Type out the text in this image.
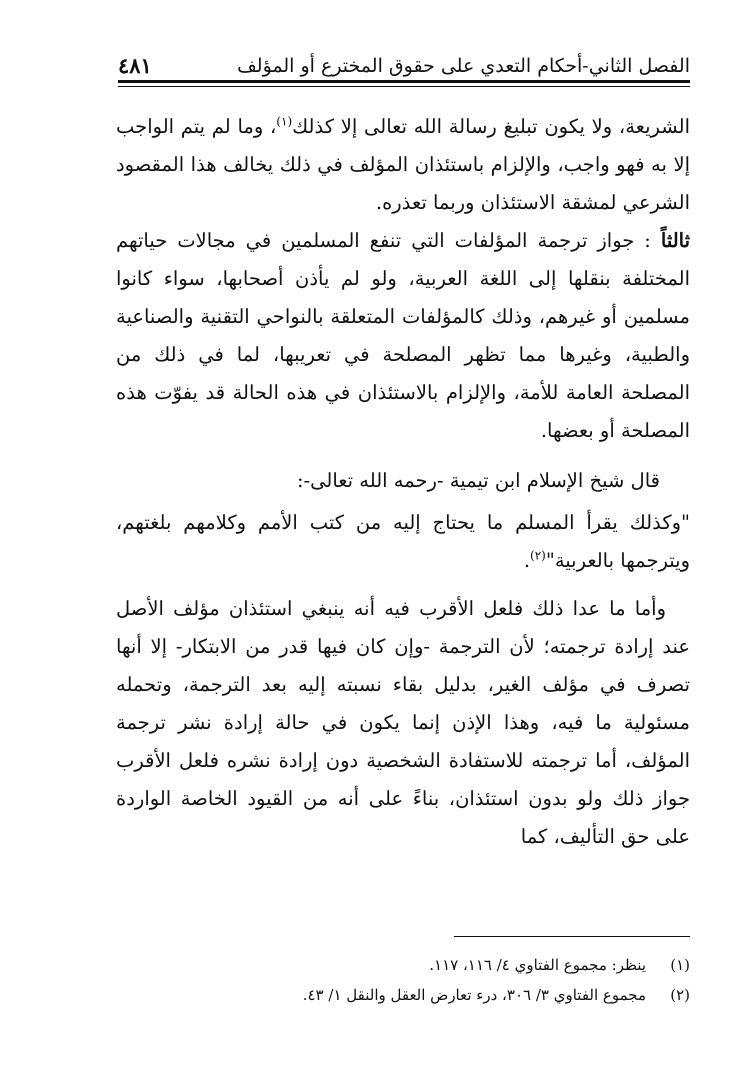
الفصل الثاني-أحكام التعدي على حقوق المخترع أو المؤلف
٤٨١

الشريعة، ولا يكون تبليغ رسالة الله تعالى إلا كذلك$^{(١)}$، وما لم يتم الواجب إلا به فهو واجب، والإلزام باستئذان المؤلف في ذلك يخالف هذا المقصود الشرعي لمشقة الاستئذان وربما تعذره.

ثالثاً : جواز ترجمة المؤلفات التي تنفع المسلمين في مجالات حياتهم المختلفة بنقلها إلى اللغة العربية، ولو لم يأذن أصحابها، سواء كانوا مسلمين أو غيرهم، وذلك كالمؤلفات المتعلقة بالنواحي التقنية والصناعية والطبية، وغيرها مما تظهر المصلحة في تعريبها، لما في ذلك من المصلحة العامة للأمة، والإلزام بالاستئذان في هذه الحالة قد يفوّت هذه المصلحة أو بعضها.

قال شيخ الإسلام ابن تيمية -رحمه الله تعالى-:

"وكذلك يقرأ المسلم ما يحتاج إليه من كتب الأمم وكلامهم بلغتهم، ويترجمها بالعربية"$^{(٢)}$.

وأما ما عدا ذلك فلعل الأقرب فيه أنه ينبغي استئذان مؤلف الأصل عند إرادة ترجمته؛ لأن الترجمة -وإن كان فيها قدر من الابتكار- إلا أنها تصرف في مؤلف الغير، بدليل بقاء نسبته إليه بعد الترجمة، وتحمله مسئولية ما فيه، وهذا الإذن إنما يكون في حالة إرادة نشر ترجمة المؤلف، أما ترجمته للاستفادة الشخصية دون إرادة نشره فلعل الأقرب جواز ذلك ولو بدون استئذان، بناءً على أنه من القيود الخاصة الواردة على حق التأليف، كما

(١)
ينظر: مجموع الفتاوي ٤/ ١١٦، ١١٧.
(٢)
مجموع الفتاوي ٣/ ٣٠٦، درء تعارض العقل والنقل ١/ ٤٣.
